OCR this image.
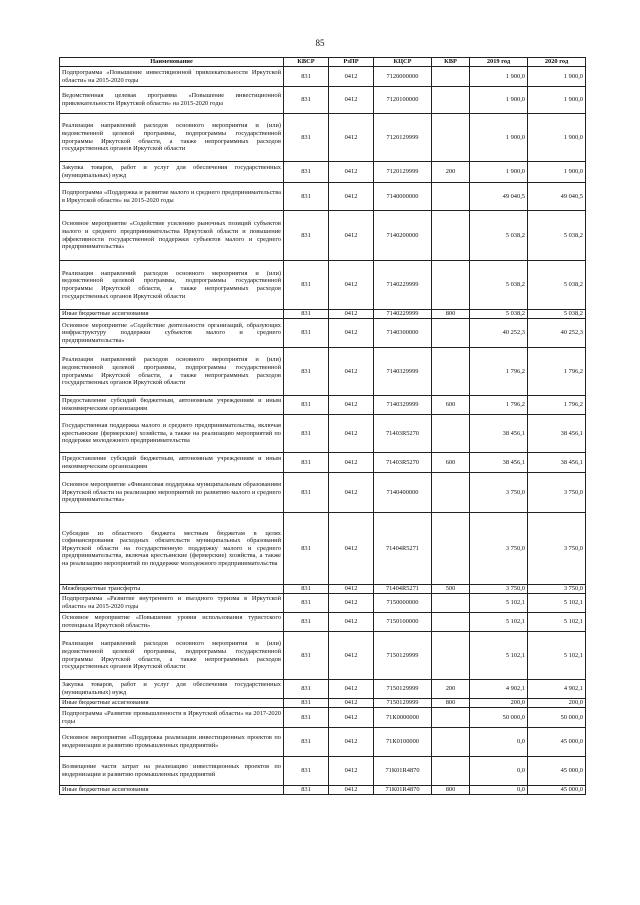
85
Наименование	КВСР	РзПР	КЦСР	КВР	2019 год	2020 год
Подпрограмма «Повышение инвестиционной привлекательности Иркутской области» на 2015-2020 годы	831	0412	7120000000		1 900,0	1 900,0
Ведомственная целевая программа «Повышение инвестиционной привлекательности Иркутской области» на 2015-2020 годы	831	0412	7120100000		1 900,0	1 900,0
Реализация направлений расходов основного мероприятия и (или) ведомственной целевой программы, подпрограммы государственной программы Иркутской области, а также непрограммных расходов государственных органов Иркутской области	831	0412	7120129999		1 900,0	1 900,0
Закупка товаров, работ и услуг для обеспечения государственных (муниципальных) нужд	831	0412	7120129999	200	1 900,0	1 900,0
Подпрограмма «Поддержка и развитие малого и среднего предпринимательства в Иркутской области» на 2015-2020 годы	831	0412	7140000000		49 040,5	49 040,5
Основное мероприятие «Содействие усилению рыночных позиций субъектов малого и среднего предпринимательства Иркутской области и повышение эффективности государственной поддержки субъектов малого и среднего предпринимательства»	831	0412	7140200000		5 038,2	5 038,2
Реализация направлений расходов основного мероприятия и (или) ведомственной целевой программы, подпрограммы государственной программы Иркутской области, а также непрограммных расходов государственных органов Иркутской области	831	0412	7140229999		5 038,2	5 038,2
Иные бюджетные ассигнования	831	0412	7140229999	800	5 038,2	5 038,2
Основное мероприятие «Содействие деятельности организаций, образующих инфраструктуру поддержки субъектов малого и среднего предпринимательства»	831	0412	7140300000		40 252,3	40 252,3
Реализация направлений расходов основного мероприятия и (или) ведомственной целевой программы, подпрограммы государственной программы Иркутской области, а также непрограммных расходов государственных органов Иркутской области	831	0412	7140329999		1 796,2	1 796,2
Предоставление субсидий бюджетным, автономным учреждениям и иным некоммерческим организациям	831	0412	7140329999	600	1 796,2	1 796,2
Государственная поддержка малого и среднего предпринимательства, включая крестьянские (фермерские) хозяйства, а также на реализацию мероприятий по поддержке молодежного предпринимательства	831	0412	71403R5270		38 456,1	38 456,1
Предоставление субсидий бюджетным, автономным учреждениям и иным некоммерческим организациям	831	0412	71403R5270	600	38 456,1	38 456,1
Основное мероприятие «Финансовая поддержка муниципальным образованиям Иркутской области на реализацию мероприятий по развитию малого и среднего предпринимательства»	831	0412	7140400000		3 750,0	3 750,0
Субсидии из областного бюджета местным бюджетам в целях софинансирования расходных обязательств муниципальных образований Иркутской области на государственную поддержку малого и среднего предпринимательства, включая крестьянские (фермерские) хозяйства, а также на реализацию мероприятий по поддержке молодежного предпринимательства	831	0412	71404R5271		3 750,0	3 750,0
Межбюджетные трансферты	831	0412	71404R5271	500	3 750,0	3 750,0
Подпрограмма «Развитие внутреннего и въездного туризма в Иркутской области» на 2015-2020 годы	831	0412	7150000000		5 102,1	5 102,1
Основное мероприятие «Повышение уровня использования туристского потенциала Иркутской области»	831	0412	7150100000		5 102,1	5 102,1
Реализация направлений расходов основного мероприятия и (или) ведомственной целевой программы, подпрограммы государственной программы Иркутской области, а также непрограммных расходов государственных органов Иркутской области	831	0412	7150129999		5 102,1	5 102,1
Закупка товаров, работ и услуг для обеспечения государственных (муниципальных) нужд	831	0412	7150129999	200	4 902,1	4 902,1
Иные бюджетные ассигнования	831	0412	7150129999	800	200,0	200,0
Подпрограмма «Развитие промышленности в Иркутской области» на 2017-2020 годы	831	0412	71К0000000		50 000,0	50 000,0
Основное мероприятие «Поддержка реализации инвестиционных проектов по модернизации и развитию промышленных предприятий»	831	0412	71К0100000		0,0	45 000,0
Возмещение части затрат на реализацию инвестиционных проектов по модернизации и развитию промышленных предприятий	831	0412	71К01R4870		0,0	45 000,0
Иные бюджетные ассигнования	831	0412	71К01R4870	800	0,0	45 000,0
